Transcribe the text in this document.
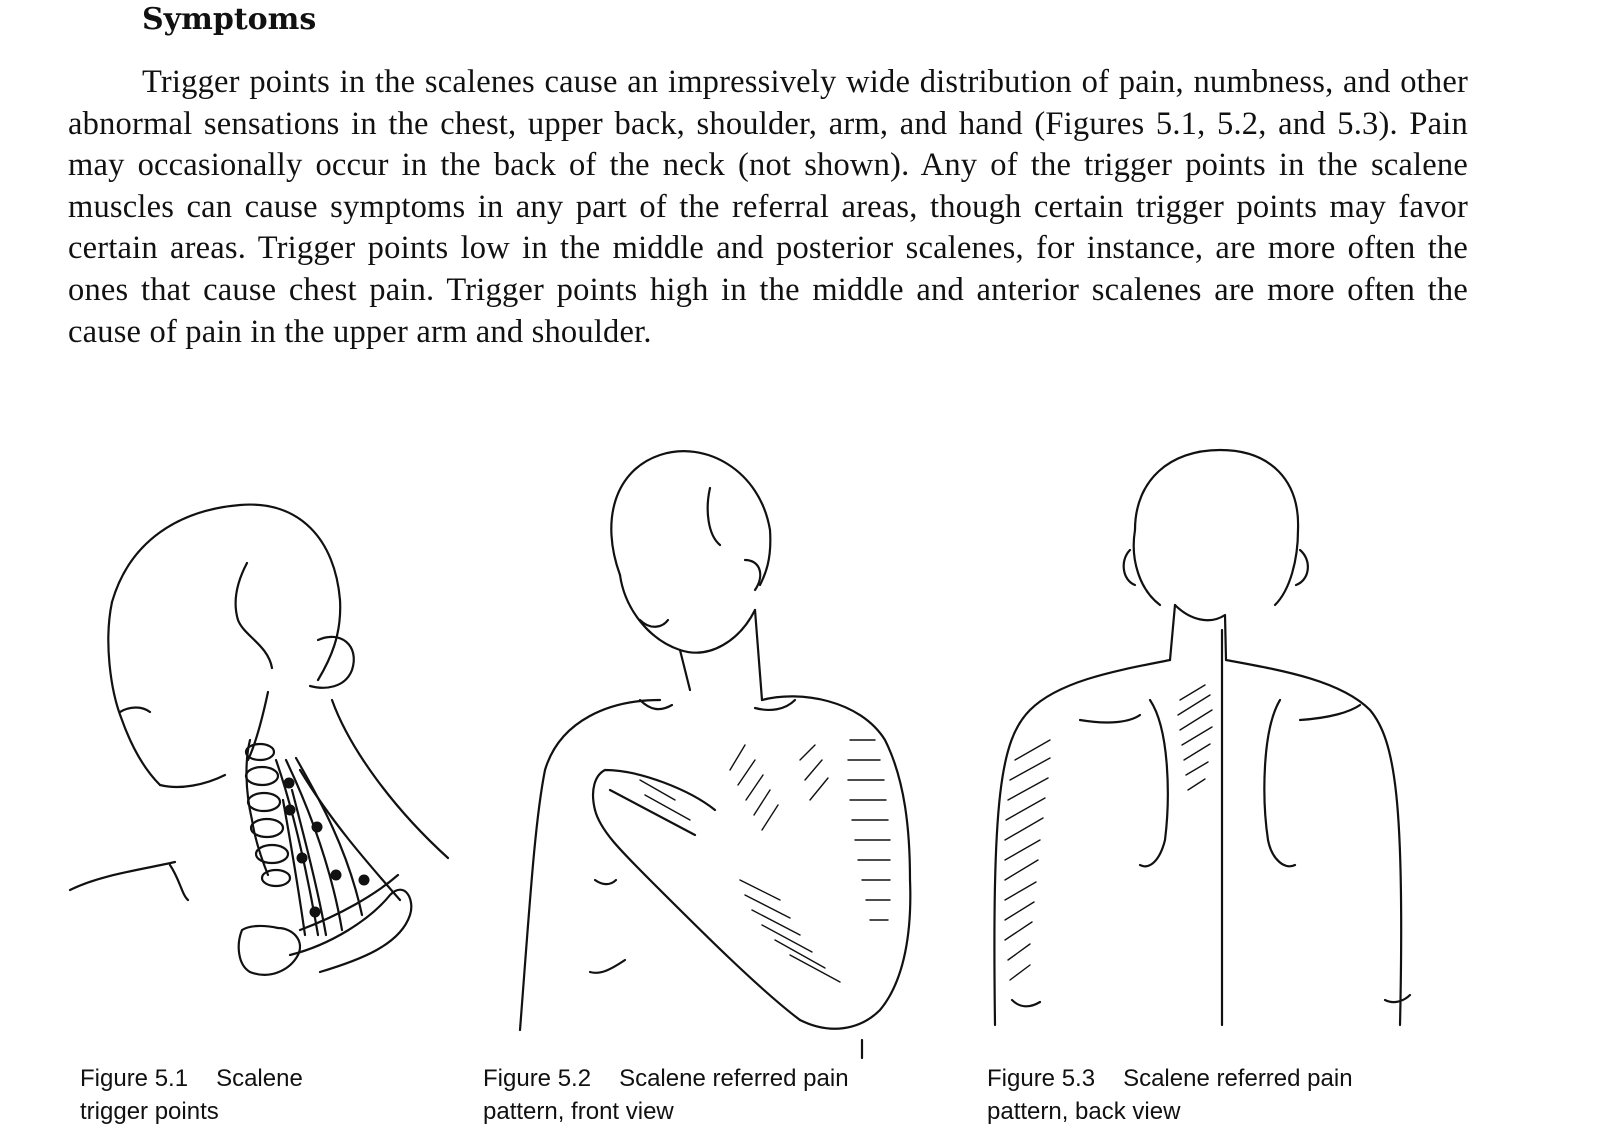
Symptoms

Trigger points in the scalenes cause an impressively wide distribution of pain, numbness, and other abnormal sensations in the chest, upper back, shoulder, arm, and hand (Figures 5.1, 5.2, and 5.3). Pain may occasionally occur in the back of the neck (not shown). Any of the trigger points in the scalene muscles can cause symptoms in any part of the referral areas, though certain trigger points may favor certain areas. Trigger points low in the middle and posterior scalenes, for instance, are more often the ones that cause chest pain. Trigger points high in the middle and anterior scalenes are more often the cause of pain in the upper arm and shoulder.

Figure 5.1 Scalene
trigger points

Figure 5.2 Scalene referred pain
pattern, front view

Figure 5.3 Scalene referred pain
pattern, back view
